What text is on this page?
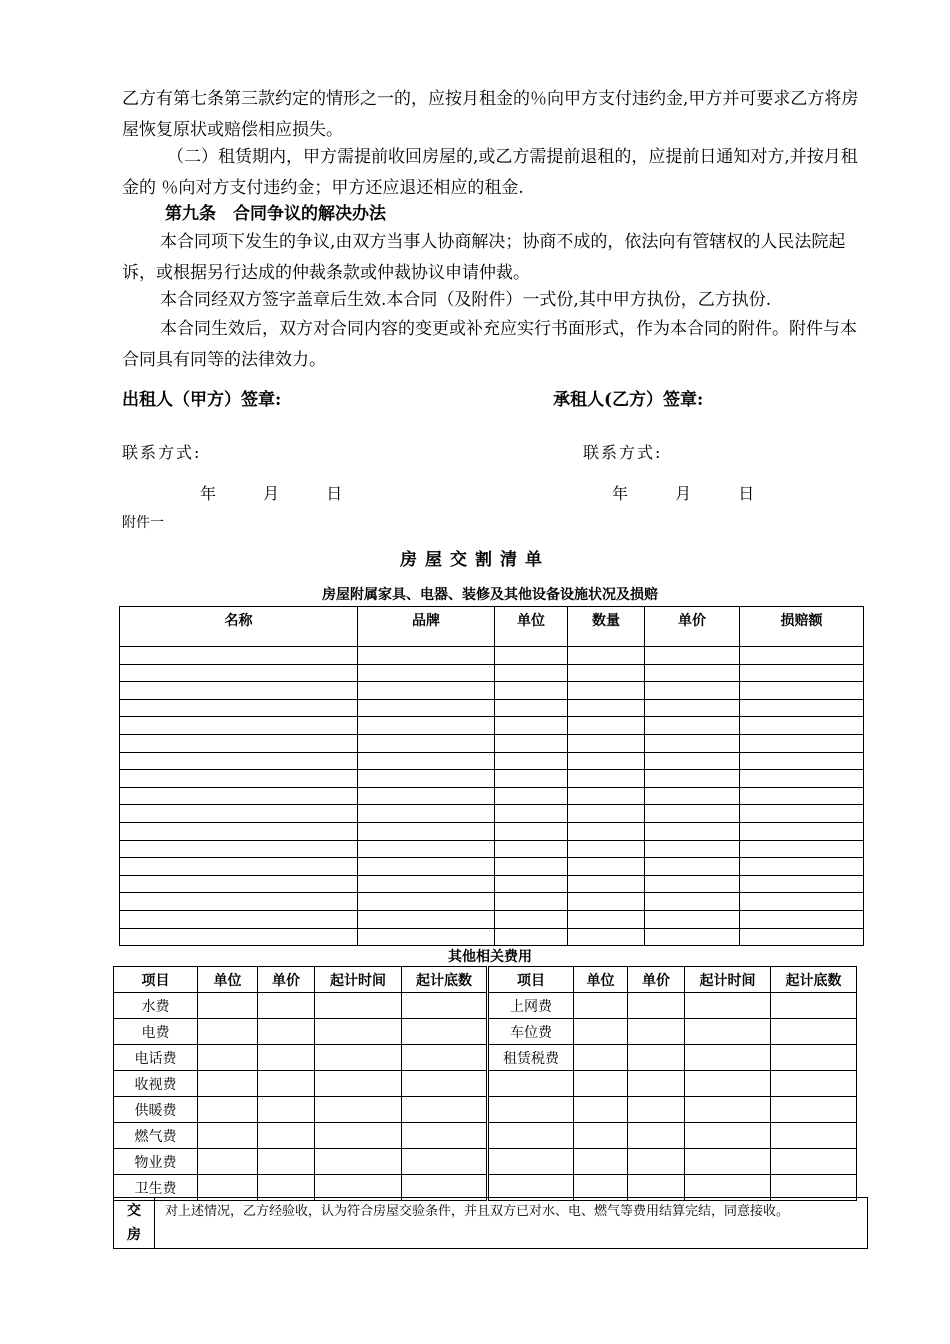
乙方有第七条第三款约定的情形之一的，应按月租金的％向甲方支付违约金,甲方并可要求乙方将房屋恢复原状或赔偿相应损失。

（二）租赁期内，甲方需提前收回房屋的,或乙方需提前退租的，应提前日通知对方,并按月租金的 ％向对方支付违约金；甲方还应退还相应的租金.

第九条　合同争议的解决办法

本合同项下发生的争议,由双方当事人协商解决；协商不成的，依法向有管辖权的人民法院起诉，或根据另行达成的仲裁条款或仲裁协议申请仲裁。

本合同经双方签字盖章后生效.本合同（及附件）一式份,其中甲方执份，乙方执份.

本合同生效后，双方对合同内容的变更或补充应实行书面形式，作为本合同的附件。附件与本合同具有同等的法律效力。

出租人（甲方）签章:	承租人(乙方）签章:
联系方式:	联系方式:
年	月	日	年	月	日
附件一
房屋交割清单
房屋附属家具、电器、装修及其他设备设施状况及损赔
名称	品牌	单位	数量	单价	损赔额

其他相关费用
项目	单位	单价	起计时间	起计底数	项目	单位	单价	起计时间	起计底数
水费					上网费				
电费					车位费				
电话费					租赁税费				
收视费									
供暖费									
燃气费									
物业费									
卫生费									
交
房
	对上述情况，乙方经验收，认为符合房屋交验条件，并且双方已对水、电、燃气等费用结算完结，同意接收。
